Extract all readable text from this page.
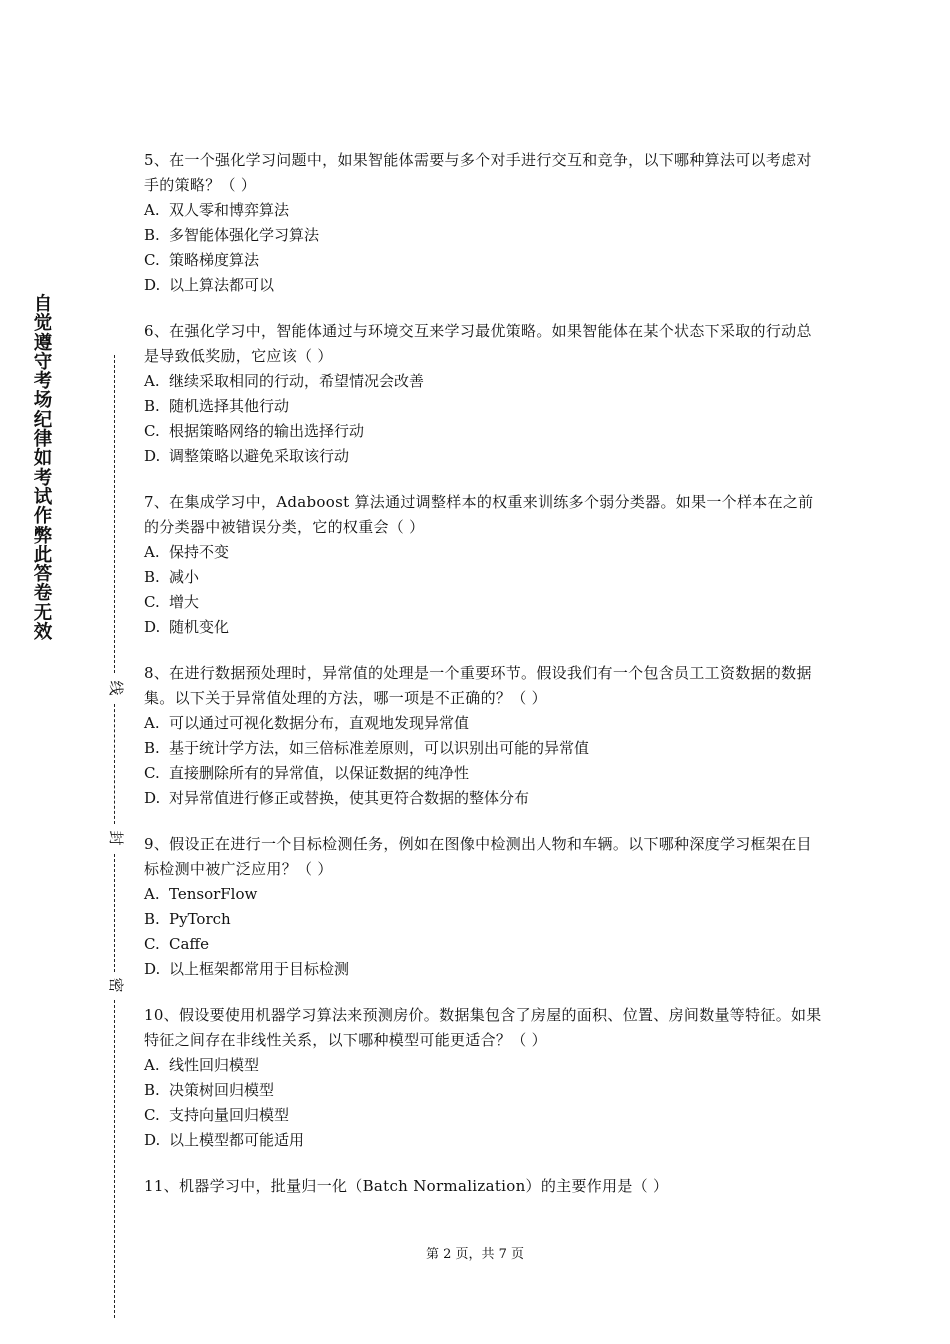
自
觉
遵
守
考
场
纪
律
如
考
试
作
弊
此
答
卷
无
效
线
封
密

5、在一个强化学习问题中，如果智能体需要与多个对手进行交互和竞争，以下哪种算法可以考虑对手的策略？（ ）

A. 双人零和博弈算法
B. 多智能体强化学习算法
C. 策略梯度算法
D. 以上算法都可以

6、在强化学习中，智能体通过与环境交互来学习最优策略。如果智能体在某个状态下采取的行动总是导致低奖励，它应该（ ）

A. 继续采取相同的行动，希望情况会改善
B. 随机选择其他行动
C. 根据策略网络的输出选择行动
D. 调整策略以避免采取该行动

7、在集成学习中，Adaboost 算法通过调整样本的权重来训练多个弱分类器。如果一个样本在之前的分类器中被错误分类，它的权重会（ ）

A. 保持不变
B. 减小
C. 增大
D. 随机变化

8、在进行数据预处理时，异常值的处理是一个重要环节。假设我们有一个包含员工工资数据的数据集。以下关于异常值处理的方法，哪一项是不正确的？（ ）

A. 可以通过可视化数据分布，直观地发现异常值
B. 基于统计学方法，如三倍标准差原则，可以识别出可能的异常值
C. 直接删除所有的异常值，以保证数据的纯净性
D. 对异常值进行修正或替换，使其更符合数据的整体分布

9、假设正在进行一个目标检测任务，例如在图像中检测出人物和车辆。以下哪种深度学习框架在目标检测中被广泛应用？（ ）

A. TensorFlow
B. PyTorch
C. Caffe
D. 以上框架都常用于目标检测

10、假设要使用机器学习算法来预测房价。数据集包含了房屋的面积、位置、房间数量等特征。如果特征之间存在非线性关系，以下哪种模型可能更适合？（ ）

A. 线性回归模型
B. 决策树回归模型
C. 支持向量回归模型
D. 以上模型都可能适用

11、机器学习中，批量归一化（Batch Normalization）的主要作用是（ ）

第 2 页，共 7 页
